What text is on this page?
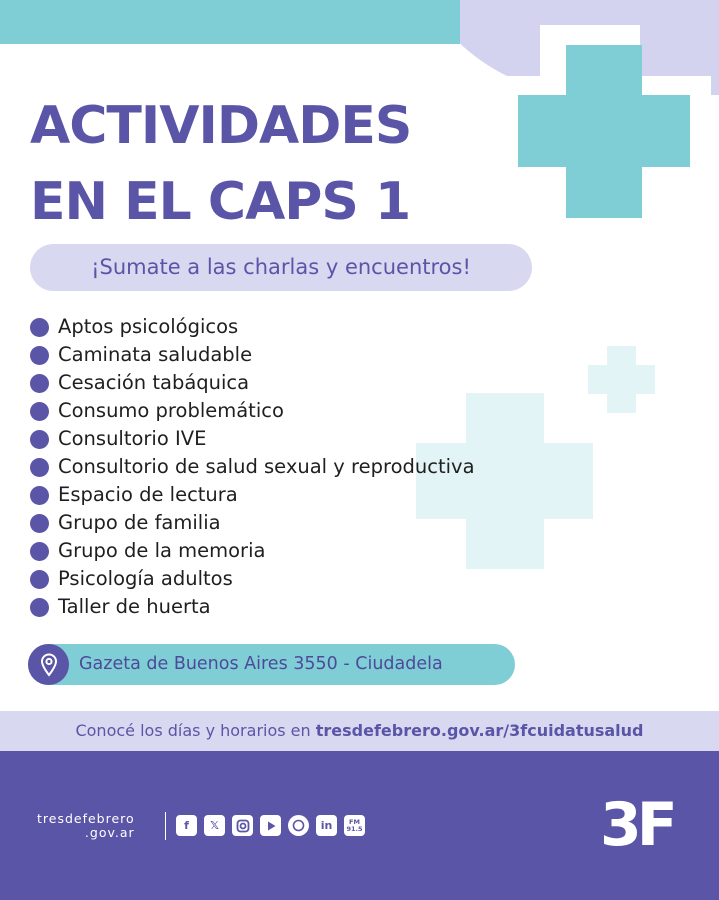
ACTIVIDADES
EN EL CAPS 1
¡Sumate a las charlas y encuentros!
Aptos psicológicos
Caminata saludable
Cesación tabáquica
Consumo problemático
Consultorio IVE
Consultorio de salud sexual y reproductiva
Espacio de lectura
Grupo de familia
Grupo de la memoria
Psicología adultos
Taller de huerta
Gazeta de Buenos Aires 3550 - Ciudadela
Conocé los días y horarios en tresdefebrero.gov.ar/3fcuidatusalud
tresdefebrero
.gov.ar	f	𝕏	in	FM
91.5	3F
